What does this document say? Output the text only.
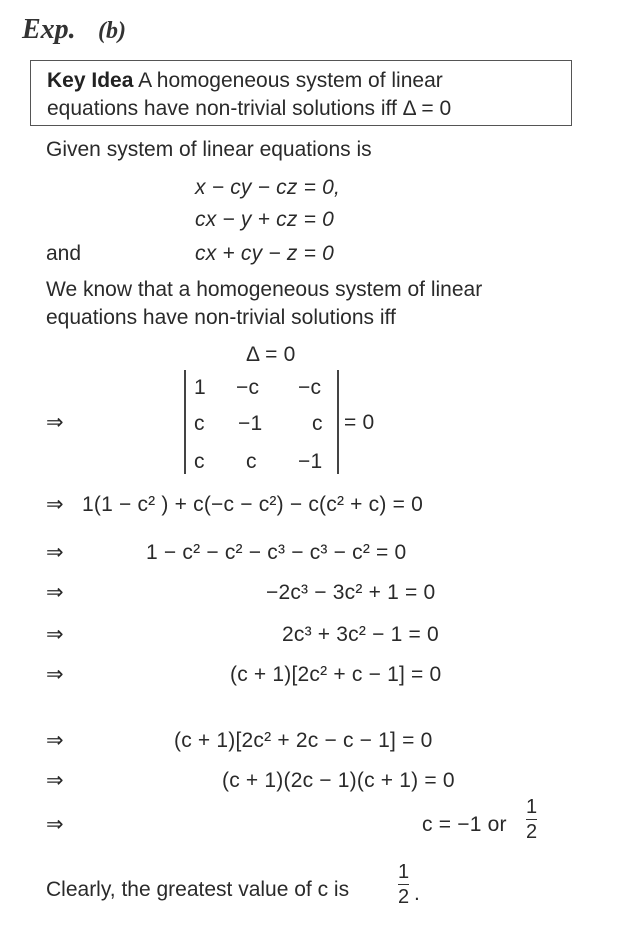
Exp. (b)
Key Idea A homogeneous system of linear
equations have non-trivial solutions iff Δ = 0
Given system of linear equations is
x − cy − cz = 0,
cx − y + cz = 0
and	cx + cy − z = 0
We know that a homogeneous system of linear
equations have non-trivial solutions iff
Δ = 0
⇒
1 −c −c
c −1 c
c c −1
= 0
⇒ 1(1 − c² ) + c(−c − c²) − c(c² + c) = 0
⇒	1 − c² − c² − c³ − c³ − c² = 0
⇒	−2c³ − 3c² + 1 = 0
⇒	2c³ + 3c² − 1 = 0
⇒	(c + 1)[2c² + c − 1] = 0
⇒	(c + 1)[2c² + 2c − c − 1] = 0
⇒	(c + 1)(2c − 1)(c + 1) = 0
⇒	c = −1 or
1
2
Clearly, the greatest value of c is
1
2 .
